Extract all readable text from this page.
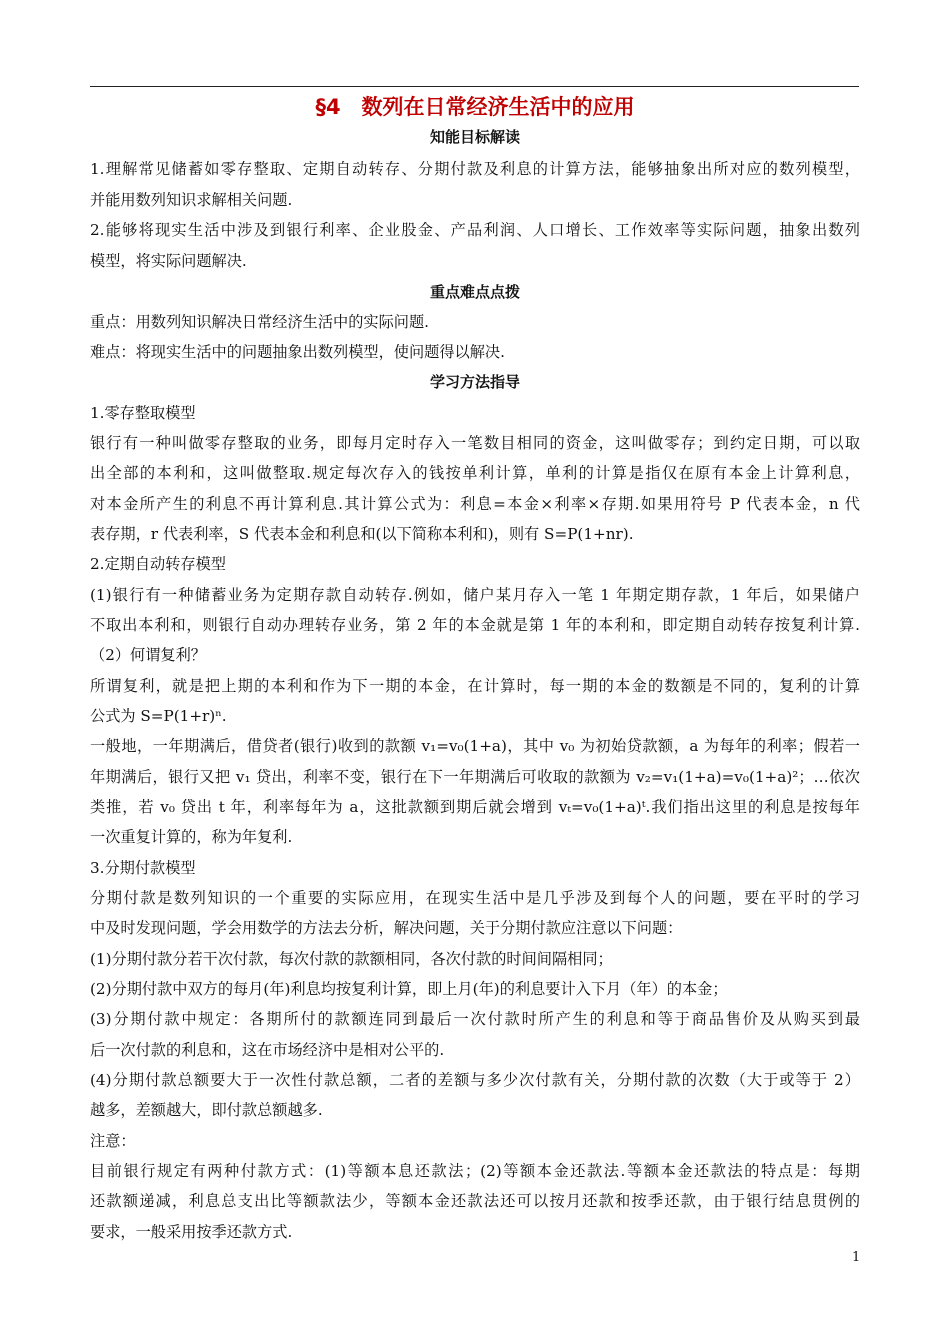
§4　数列在日常经济生活中的应用
知能目标解读
1.理解常见储蓄如零存整取、定期自动转存、分期付款及利息的计算方法，能够抽象出所对应的数列模型，
并能用数列知识求解相关问题.
2.能够将现实生活中涉及到银行利率、企业股金、产品利润、人口增长、工作效率等实际问题，抽象出数列
模型，将实际问题解决.
重点难点点拨
重点：用数列知识解决日常经济生活中的实际问题.
难点：将现实生活中的问题抽象出数列模型，使问题得以解决.
学习方法指导
1.零存整取模型
银行有一种叫做零存整取的业务，即每月定时存入一笔数目相同的资金，这叫做零存；到约定日期，可以取
出全部的本利和，这叫做整取.规定每次存入的钱按单利计算，单利的计算是指仅在原有本金上计算利息，
对本金所产生的利息不再计算利息.其计算公式为：利息=本金×利率×存期.如果用符号 P 代表本金，n 代
表存期，r 代表利率，S 代表本金和利息和(以下简称本利和)，则有 S=P(1+nr).
2.定期自动转存模型
(1)银行有一种储蓄业务为定期存款自动转存.例如，储户某月存入一笔 1 年期定期存款，1 年后，如果储户
不取出本利和，则银行自动办理转存业务，第 2 年的本金就是第 1 年的本利和，即定期自动转存按复利计算.
（2）何谓复利？
所谓复利，就是把上期的本利和作为下一期的本金，在计算时，每一期的本金的数额是不同的，复利的计算
公式为 S=P(1+r)ⁿ.
一般地，一年期满后，借贷者(银行)收到的款额 v₁=v₀(1+a)，其中 v₀ 为初始贷款额，a 为每年的利率；假若一
年期满后，银行又把 v₁ 贷出，利率不变，银行在下一年期满后可收取的款额为 v₂=v₁(1+a)=v₀(1+a)²；…依次
类推，若 v₀ 贷出 t 年，利率每年为 a，这批款额到期后就会增到 vₜ=v₀(1+a)ᵗ.我们指出这里的利息是按每年
一次重复计算的，称为年复利.
3.分期付款模型
分期付款是数列知识的一个重要的实际应用，在现实生活中是几乎涉及到每个人的问题，要在平时的学习
中及时发现问题，学会用数学的方法去分析，解决问题，关于分期付款应注意以下问题：
(1)分期付款分若干次付款，每次付款的款额相同，各次付款的时间间隔相同；
(2)分期付款中双方的每月(年)利息均按复利计算，即上月(年)的利息要计入下月（年）的本金；
(3)分期付款中规定：各期所付的款额连同到最后一次付款时所产生的利息和等于商品售价及从购买到最
后一次付款的利息和，这在市场经济中是相对公平的.
(4)分期付款总额要大于一次性付款总额，二者的差额与多少次付款有关，分期付款的次数（大于或等于 2）
越多，差额越大，即付款总额越多.
注意：
目前银行规定有两种付款方式：(1)等额本息还款法；(2)等额本金还款法.等额本金还款法的特点是：每期
还款额递减，利息总支出比等额款法少，等额本金还款法还可以按月还款和按季还款，由于银行结息贯例的
要求，一般采用按季还款方式.
1
